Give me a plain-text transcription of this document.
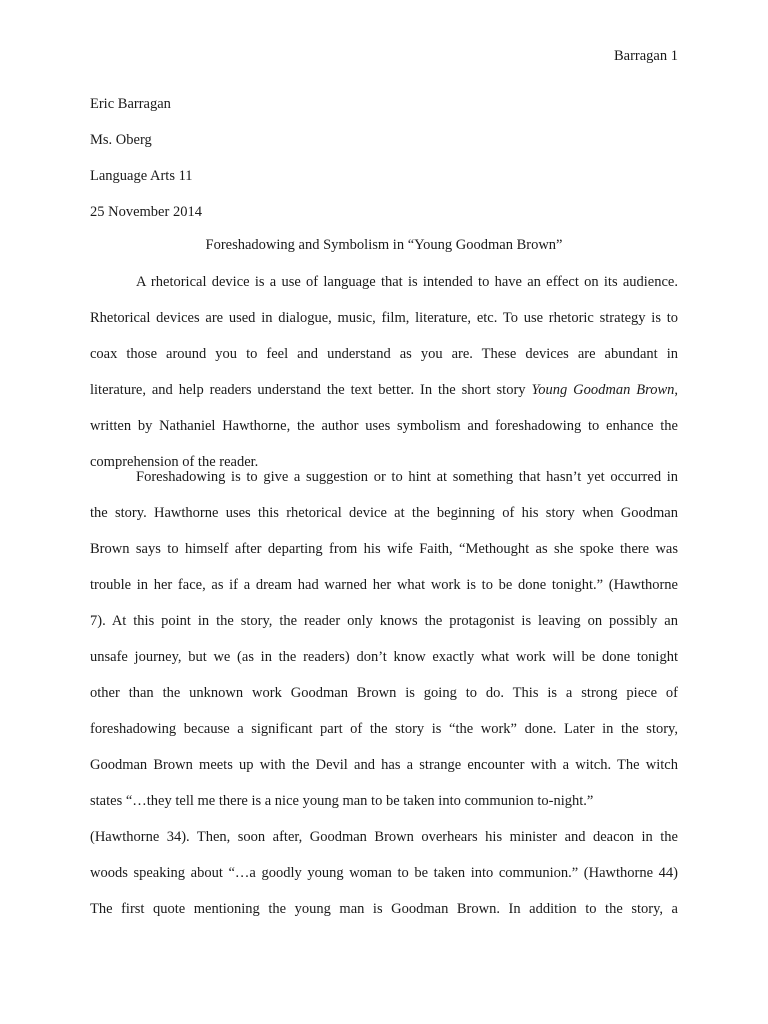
Barragan 1
Eric Barragan
Ms. Oberg
Language Arts 11
25 November 2014
Foreshadowing and Symbolism in “Young Goodman Brown”
A rhetorical device is a use of language that is intended to have an effect on its audience.
Rhetorical devices are used in dialogue, music, film, literature, etc. To use rhetoric strategy is to
coax those around you to feel and understand as you are. These devices are abundant in
literature, and help readers understand the text better. In the short story Young Goodman Brown,
written by Nathaniel Hawthorne, the author uses symbolism and foreshadowing to enhance the
comprehension of the reader.
Foreshadowing is to give a suggestion or to hint at something that hasn’t yet occurred in
the story. Hawthorne uses this rhetorical device at the beginning of his story when Goodman
Brown says to himself after departing from his wife Faith, “Methought as she spoke there was
trouble in her face, as if a dream had warned her what work is to be done tonight.” (Hawthorne
7). At this point in the story, the reader only knows the protagonist is leaving on possibly an
unsafe journey, but we (as in the readers) don’t know exactly what work will be done tonight
other than the unknown work Goodman Brown is going to do. This is a strong piece of
foreshadowing because a significant part of the story is “the work” done. Later in the story,
Goodman Brown meets up with the Devil and has a strange encounter with a witch. The witch
states “…they tell me there is a nice young man to be taken into communion to-night.”
(Hawthorne 34). Then, soon after, Goodman Brown overhears his minister and deacon in the
woods speaking about “…a goodly young woman to be taken into communion.” (Hawthorne 44)
The first quote mentioning the young man is Goodman Brown. In addition to the story, a
